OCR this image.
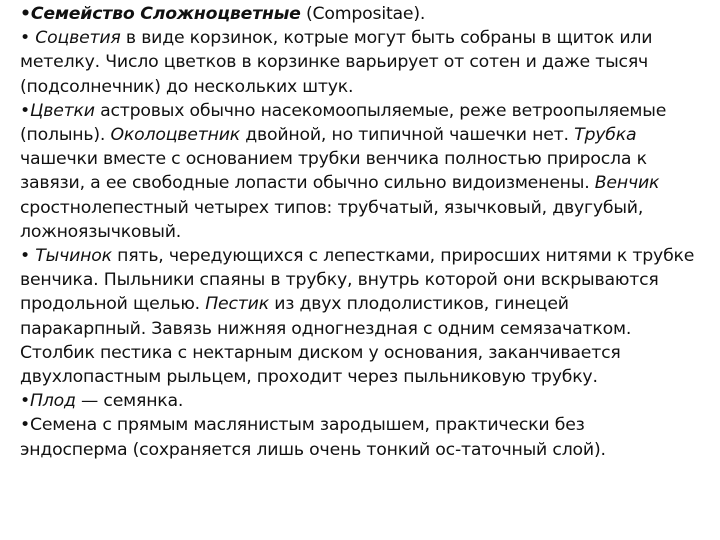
•Семейство Сложноцветные (Compositae).

• Соцветия в виде корзинок, котрые могут быть собраны в щиток или
метелку. Число цветков в корзинке варьирует от сотен и даже тысяч
(подсолнечник) до нескольких штук.

•Цветки астровых обычно насекомоопыляемые, реже ветроопыляемые
(полынь). Околоцветник двойной, но типичной чашечки нет. Трубка
чашечки вместе с основанием трубки венчика полностью приросла к
завязи, а ее свободные лопасти обычно сильно видоизменены. Венчик
сростнолепестный четырех типов: трубчатый, язычковый, двугубый,
ложноязычковый.

• Тычинок пять, чередующихся с лепестками, приросших нитями к трубке
венчика. Пыльники спаяны в трубку, внутрь которой они вскрываются
продольной щелью. Пестик из двух плодолистиков, гинецей
паракарпный. Завязь нижняя одногнездная с одним семязачатком.
Столбик пестика с нектарным диском у основания, заканчивается
двухлопастным рыльцем, проходит через пыльниковую трубку.

•Плод — семянка.

•Семена с прямым маслянистым зародышем, практически без
эндосперма (сохраняется лишь очень тонкий ос-таточный слой).
